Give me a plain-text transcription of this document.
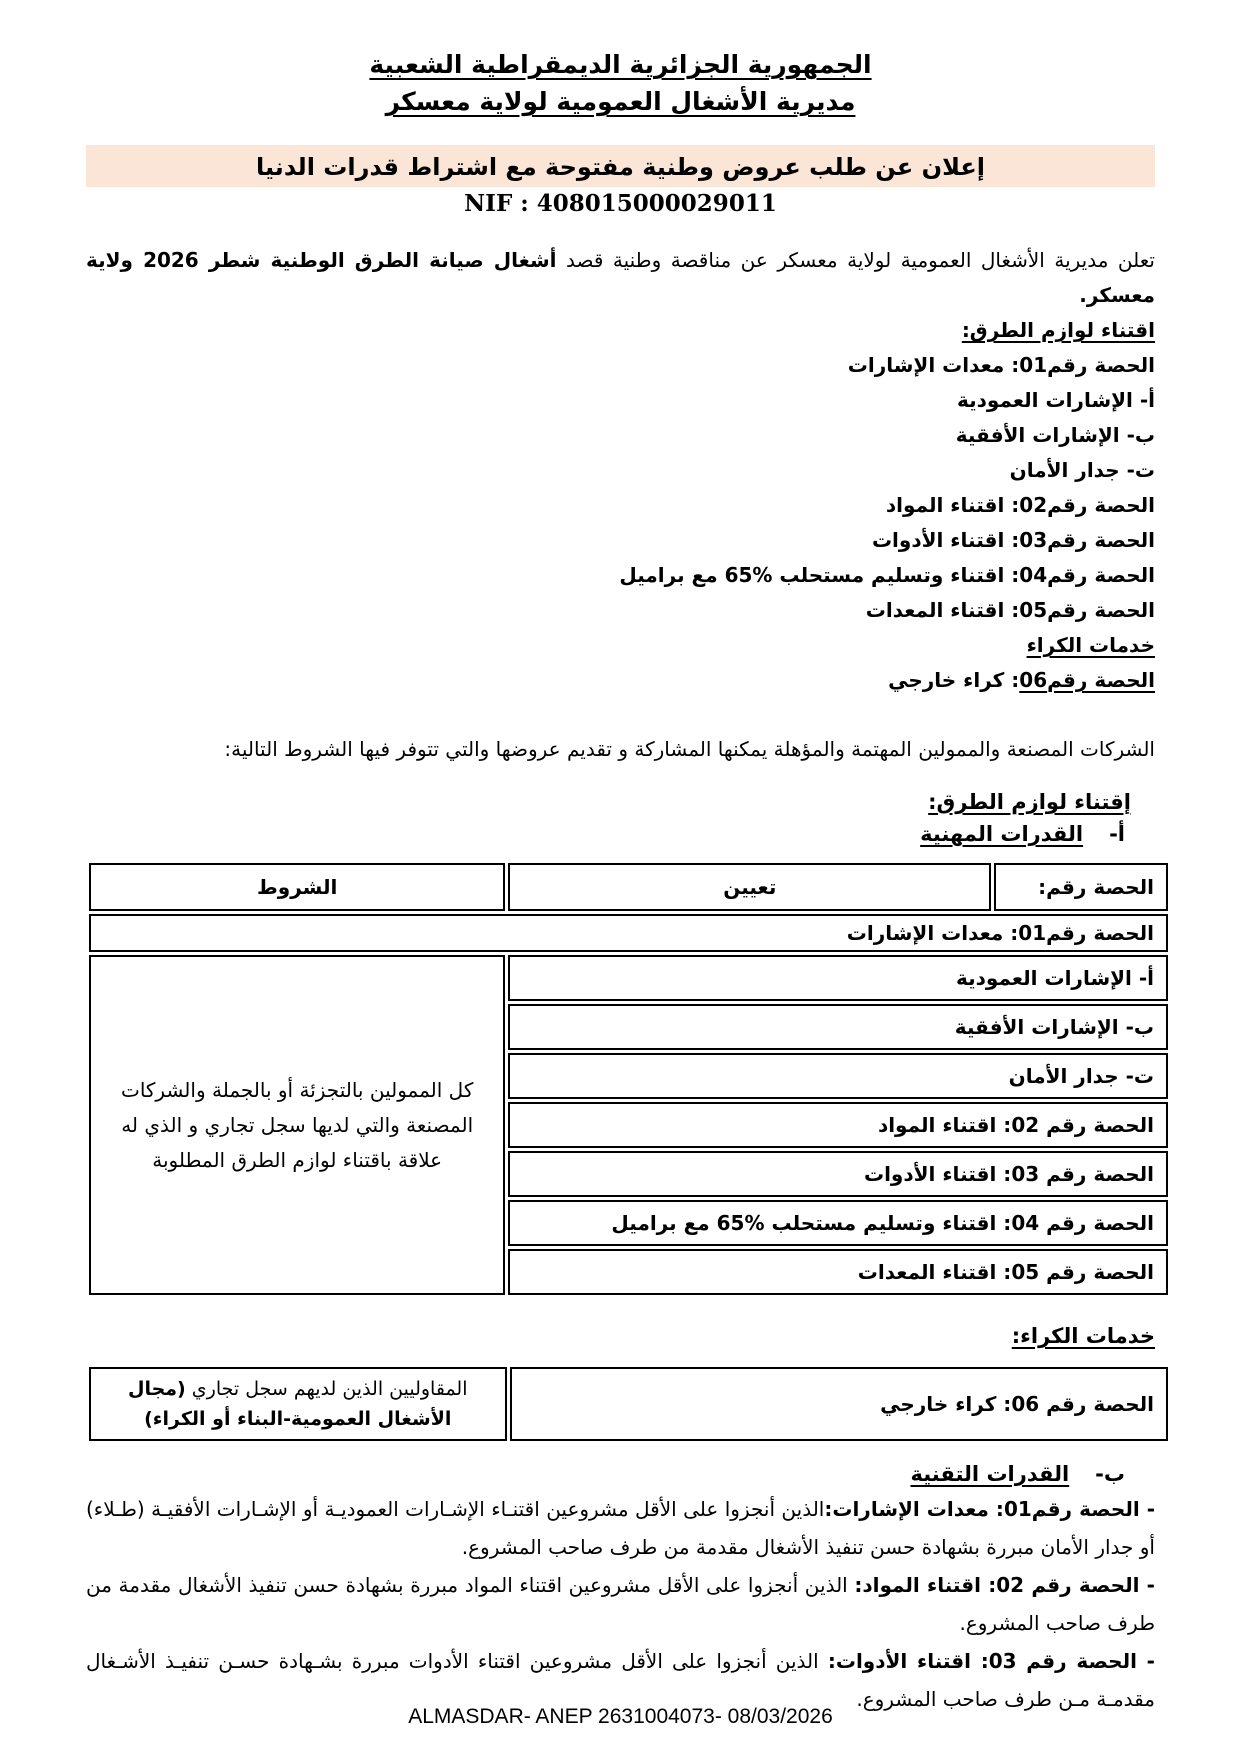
الجمهورية الجزائرية الديمقراطية الشعبية
مديرية الأشغال العمومية لولاية معسكر
إعلان عن طلب عروض وطنية مفتوحة مع اشتراط قدرات الدنيا
NIF : 408015000029011
تعلن مديرية الأشغال العمومية لولاية معسكر عن مناقصة وطنية قصد أشغال صيانة الطرق الوطنية شطر 2026 ولاية معسكر.
اقتناء لوازم الطرق:
الحصة رقم01: معدات الإشارات
أ- الإشارات العمودية
ب- الإشارات الأفقية
ت- جدار الأمان
الحصة رقم02: اقتناء المواد
الحصة رقم03: اقتناء الأدوات
الحصة رقم04: اقتناء وتسليم مستحلب %65 مع براميل
الحصة رقم05: اقتناء المعدات
خدمات الكراء
الحصة رقم06: كراء خارجي
الشركات المصنعة والممولين المهتمة والمؤهلة يمكنها المشاركة و تقديم عروضها والتي تتوفر فيها الشروط التالية:
إقتناء لوازم الطرق:
أ-القدرات المهنية
الحصة رقم:	تعيين	الشروط
الحصة رقم01: معدات الإشارات		
أ- الإشارات العمودية		كل الممولين بالتجزئة أو بالجملة والشركات المصنعة والتي لديها سجل تجاري و الذي له علاقة باقتناء لوازم الطرق المطلوبة
ب- الإشارات الأفقية		
ت- جدار الأمان		
الحصة رقم 02: اقتناء المواد		
الحصة رقم 03: اقتناء الأدوات		
الحصة رقم 04: اقتناء وتسليم مستحلب %65 مع براميل		
الحصة رقم 05: اقتناء المعدات		
خدمات الكراء:
الحصة رقم 06: كراء خارجي	المقاوليين الذين لديهم سجل تجاري (مجال الأشغال العمومية-البناء أو الكراء)
ب-القدرات التقنية
- الحصة رقم01: معدات الإشارات:الذين أنجزوا على الأقل مشروعين اقتنـاء الإشـارات العموديـة أو الإشـارات الأفقيـة (طـلاء) أو جدار الأمان مبررة بشهادة حسن تنفيذ الأشغال مقدمة من طرف صاحب المشروع.
- الحصة رقم 02: اقتناء المواد: الذين أنجزوا على الأقل مشروعين اقتناء المواد مبررة بشهادة حسن تنفيذ الأشغال مقدمة من طرف صاحب المشروع.
- الحصة رقم 03: اقتناء الأدوات: الذين أنجزوا على الأقل مشروعين اقتناء الأدوات مبررة بشـهادة حسـن تنفيـذ الأشـغال مقدمـة مـن طرف صاحب المشروع.
ALMASDAR- ANEP 2631004073- 08/03/2026
